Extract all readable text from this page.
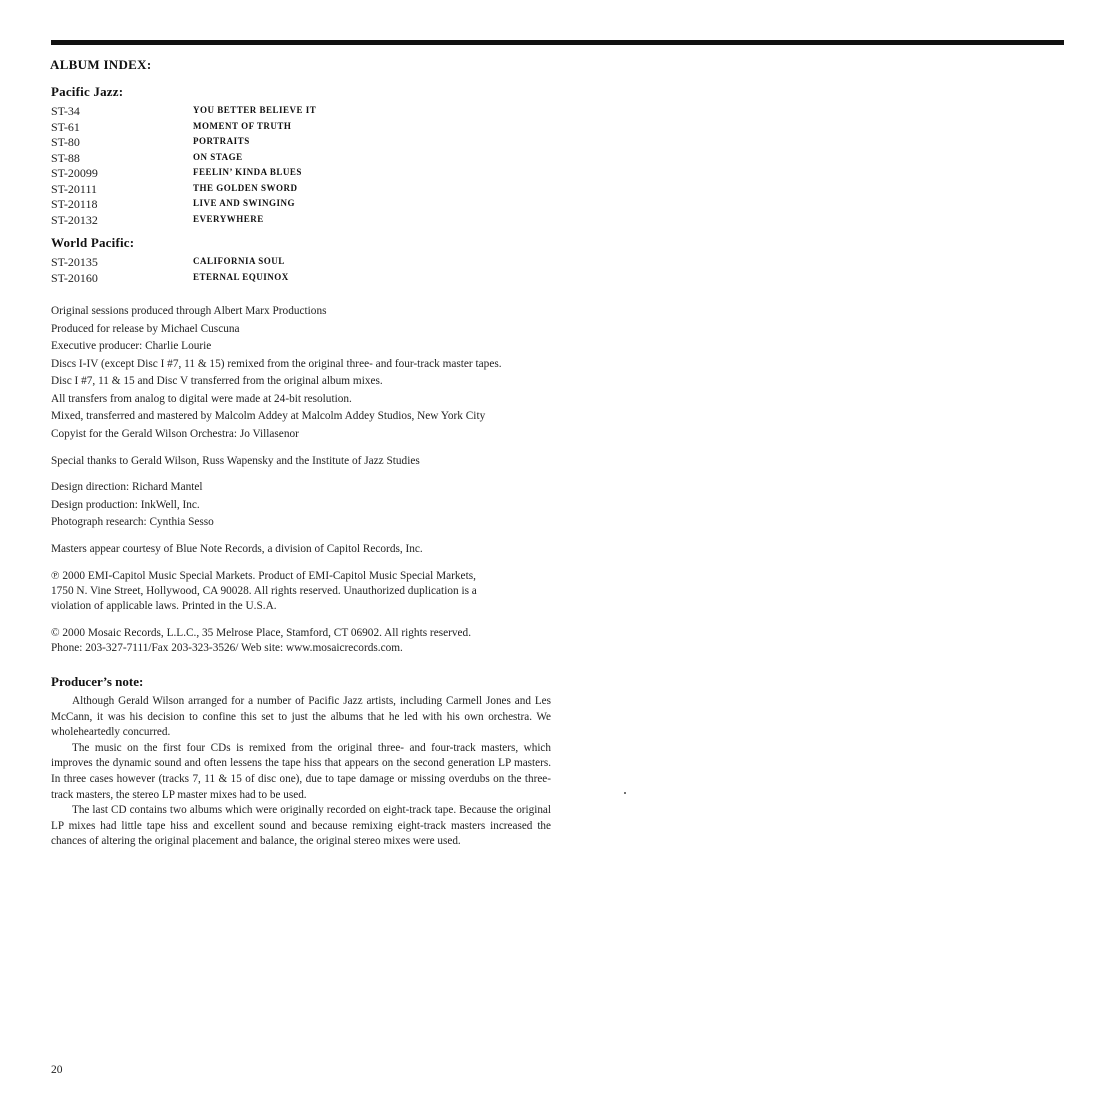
ALBUM INDEX:
Pacific Jazz:
ST-34	YOU BETTER BELIEVE IT
ST-61	MOMENT OF TRUTH
ST-80	PORTRAITS
ST-88	ON STAGE
ST-20099	FEELIN’ KINDA BLUES
ST-20111	THE GOLDEN SWORD
ST-20118	LIVE AND SWINGING
ST-20132	EVERYWHERE
World Pacific:
ST-20135	CALIFORNIA SOUL
ST-20160	ETERNAL EQUINOX
Original sessions produced through Albert Marx Productions
Produced for release by Michael Cuscuna
Executive producer: Charlie Lourie
Discs I-IV (except Disc I #7, 11 & 15) remixed from the original three- and four-track master tapes.
Disc I #7, 11 & 15 and Disc V transferred from the original album mixes.
All transfers from analog to digital were made at 24-bit resolution.
Mixed, transferred and mastered by Malcolm Addey at Malcolm Addey Studios, New York City
Copyist for the Gerald Wilson Orchestra: Jo Villasenor
Special thanks to Gerald Wilson, Russ Wapensky and the Institute of Jazz Studies
Design direction: Richard Mantel
Design production: InkWell, Inc.
Photograph research: Cynthia Sesso
Masters appear courtesy of Blue Note Records, a division of Capitol Records, Inc.
℗ 2000 EMI-Capitol Music Special Markets. Product of EMI-Capitol Music Special Markets,
1750 N. Vine Street, Hollywood, CA 90028. All rights reserved. Unauthorized duplication is a
violation of applicable laws. Printed in the U.S.A.
© 2000 Mosaic Records, L.L.C., 35 Melrose Place, Stamford, CT 06902. All rights reserved.
Phone: 203-327-7111/Fax 203-323-3526/ Web site: www.mosaicrecords.com.
Producer’s note:

Although Gerald Wilson arranged for a number of Pacific Jazz artists, including Carmell Jones and Les McCann, it was his decision to confine this set to just the albums that he led with his own orchestra. We wholeheartedly concurred.

The music on the first four CDs is remixed from the original three- and four-track masters, which improves the dynamic sound and often lessens the tape hiss that appears on the second generation LP masters. In three cases however (tracks 7, 11 & 15 of disc one), due to tape damage or missing overdubs on the three-track masters, the stereo LP master mixes had to be used.

The last CD contains two albums which were originally recorded on eight-track tape. Because the original LP mixes had little tape hiss and excellent sound and because remixing eight-track masters increased the chances of altering the original placement and balance, the original stereo mixes were used.

20
